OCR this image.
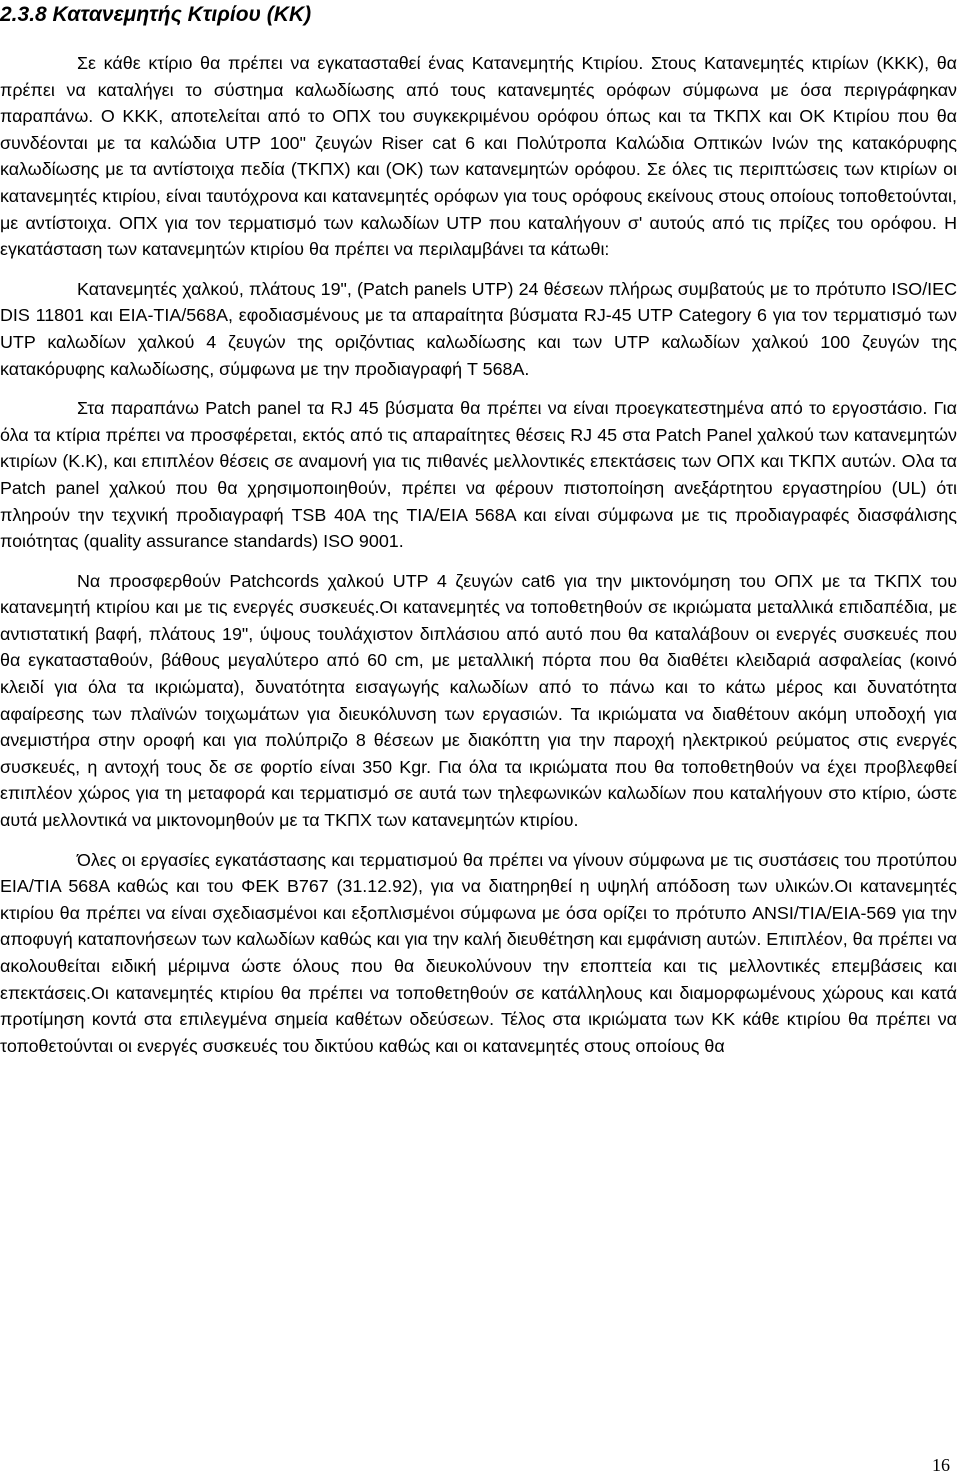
2.3.8 Κατανεμητής Κτιρίου (ΚΚ)

Σε κάθε κτίριο θα πρέπει να εγκατασταθεί ένας Κατανεμητής Κτιρίου. Στους Κατανεμητές κτιρίων (ΚΚΚ), θα πρέπει να καταλήγει το σύστημα καλωδίωσης από τους κατανεμητές ορόφων σύμφωνα με όσα περιγράφηκαν παραπάνω. Ο ΚΚΚ, αποτελείται από το ΟΠΧ του συγκεκριμένου ορόφου όπως και τα ΤΚΠΧ και ΟΚ Κτιρίου που θα συνδέονται με τα καλώδια UTP 100" ζευγών Riser cat 6 και Πολύτροπα Καλώδια Οπτικών Ινών της κατακόρυφης καλωδίωσης με τα αντίστοιχα πεδία (ΤΚΠΧ) και (ΟΚ) των κατανεμητών ορόφου. Σε όλες τις περιπτώσεις των κτιρίων οι κατανεμητές κτιρίου, είναι ταυτόχρονα και κατανεμητές ορόφων για τους ορόφους εκείνους στους οποίους τοποθετούνται, με αντίστοιχα. ΟΠΧ για τον τερματισμό των καλωδίων UTP που καταλήγουν σ' αυτούς από τις πρίζες του ορόφου. Η εγκατάσταση των κατανεμητών κτιρίου θα πρέπει να περιλαμβάνει τα κάτωθι:

Κατανεμητές χαλκού, πλάτους 19", (Patch panels UTP) 24 θέσεων πλήρως συμβατούς με το πρότυπο ISO/IEC DIS 11801 και EIA-TIA/568A, εφοδιασμένους με τα απαραίτητα βύσματα RJ-45 UTP Category 6 για τον τερματισμό των UTP καλωδίων χαλκού 4 ζευγών της οριζόντιας καλωδίωσης και των UTP καλωδίων χαλκού 100 ζευγών της κατακόρυφης καλωδίωσης, σύμφωνα με την προδιαγραφή T 568A.

Στα παραπάνω Patch panel τα RJ 45 βύσματα θα πρέπει να είναι προεγκατεστημένα από το εργοστάσιο. Για όλα τα κτίρια πρέπει να προσφέρεται, εκτός από τις απαραίτητες θέσεις RJ 45 στα Patch Panel χαλκού των κατανεμητών κτιρίων (Κ.Κ), και επιπλέον θέσεις σε αναμονή για τις πιθανές μελλοντικές επεκτάσεις των ΟΠΧ και ΤΚΠΧ αυτών. Ολα τα Patch panel χαλκού που θα χρησιμοποιηθούν, πρέπει να φέρουν πιστοποίηση ανεξάρτητου εργαστηρίου (UL) ότι πληρούν την τεχνική προδιαγραφή TSB 40A της TIA/EIA 568A και είναι σύμφωνα με τις προδιαγραφές διασφάλισης ποιότητας (quality assurance standards) ISO 9001.

Να προσφερθούν Patchcords χαλκού UTP 4 ζευγών cat6 για την μικτονόμηση του ΟΠΧ με τα ΤΚΠΧ του κατανεμητή κτιρίου και με τις ενεργές συσκευές.Οι κατανεμητές να τοποθετηθούν σε ικριώματα μεταλλικά επιδαπέδια, με αντιστατική βαφή, πλάτους 19", ύψους τουλάχιστον διπλάσιου από αυτό που θα καταλάβουν οι ενεργές συσκευές που θα εγκατασταθούν, βάθους μεγαλύτερο από 60 cm, με μεταλλική πόρτα που θα διαθέτει κλειδαριά ασφαλείας (κοινό κλειδί για όλα τα ικριώματα), δυνατότητα εισαγωγής καλωδίων από το πάνω και το κάτω μέρος και δυνατότητα αφαίρεσης των πλαϊνών τοιχωμάτων για διευκόλυνση των εργασιών. Τα ικριώματα να διαθέτουν ακόμη υποδοχή για ανεμιστήρα στην οροφή και για πολύπριζο 8 θέσεων με διακόπτη για την παροχή ηλεκτρικού ρεύματος στις ενεργές συσκευές, η αντοχή τους δε σε φορτίο είναι 350 Kgr. Για όλα τα ικριώματα που θα τοποθετηθούν να έχει προβλεφθεί επιπλέον χώρος για τη μεταφορά και τερματισμό σε αυτά των τηλεφωνικών καλωδίων που καταλήγουν στο κτίριο, ώστε αυτά μελλοντικά να μικτονομηθούν με τα ΤΚΠΧ των κατανεμητών κτιρίου.

Όλες οι εργασίες εγκατάστασης και τερματισμού θα πρέπει να γίνουν σύμφωνα με τις συστάσεις του προτύπου EIA/TIA 568A καθώς και του ΦΕΚ B767 (31.12.92), για να διατηρηθεί η υψηλή απόδοση των υλικών.Οι κατανεμητές κτιρίου θα πρέπει να είναι σχεδιασμένοι και εξοπλισμένοι σύμφωνα με όσα ορίζει το πρότυπο ANSI/TIA/EIA-569 για την αποφυγή καταπονήσεων των καλωδίων καθώς και για την καλή διευθέτηση και εμφάνιση αυτών. Επιπλέον, θα πρέπει να ακολουθείται ειδική μέριμνα ώστε όλους που θα διευκολύνουν την εποπτεία και τις μελλοντικές επεμβάσεις και επεκτάσεις.Οι κατανεμητές κτιρίου θα πρέπει να τοποθετηθούν σε κατάλληλους και διαμορφωμένους χώρους και κατά προτίμηση κοντά στα επιλεγμένα σημεία καθέτων οδεύσεων. Τέλος στα ικριώματα των ΚΚ κάθε κτιρίου θα πρέπει να τοποθετούνται οι ενεργές συσκευές του δικτύου καθώς και οι κατανεμητές στους οποίους θα

16
